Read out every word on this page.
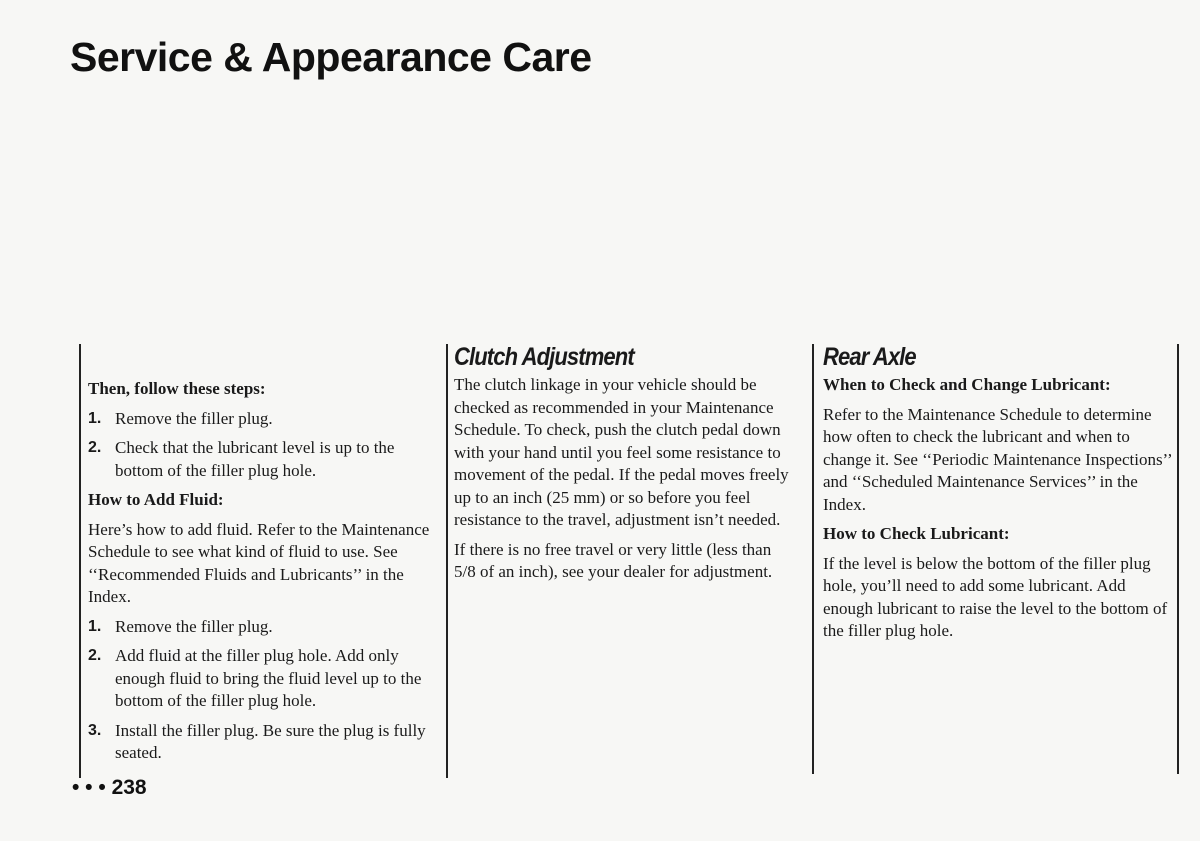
Service & Appearance Care
Then, follow these steps:
1. Remove the filler plug.
2. Check that the lubricant level is up to the bottom of the filler plug hole.
How to Add Fluid:

Here’s how to add fluid. Refer to the Maintenance Schedule to see what kind of fluid to use. See ‘‘Recommended Fluids and Lubricants’’ in the Index.

1. Remove the filler plug.
2. Add fluid at the filler plug hole. Add only enough fluid to bring the fluid level up to the bottom of the filler plug hole.
3. Install the filler plug. Be sure the plug is fully seated.
Clutch Adjustment

The clutch linkage in your vehicle should be checked as recommended in your Maintenance Schedule. To check, push the clutch pedal down with your hand until you feel some resistance to movement of the pedal. If the pedal moves freely up to an inch (25 mm) or so before you feel resistance to the travel, adjustment isn’t needed.

If there is no free travel or very little (less than 5/8 of an inch), see your dealer for adjustment.

Rear Axle
When to Check and Change Lubricant:

Refer to the Maintenance Schedule to determine how often to check the lubricant and when to change it. See ‘‘Periodic Maintenance Inspections’’ and ‘‘Scheduled Maintenance Services’’ in the Index.

How to Check Lubricant:

If the level is below the bottom of the filler plug hole, you’ll need to add some lubricant. Add enough lubricant to raise the level to the bottom of the filler plug hole.

• • • 238
